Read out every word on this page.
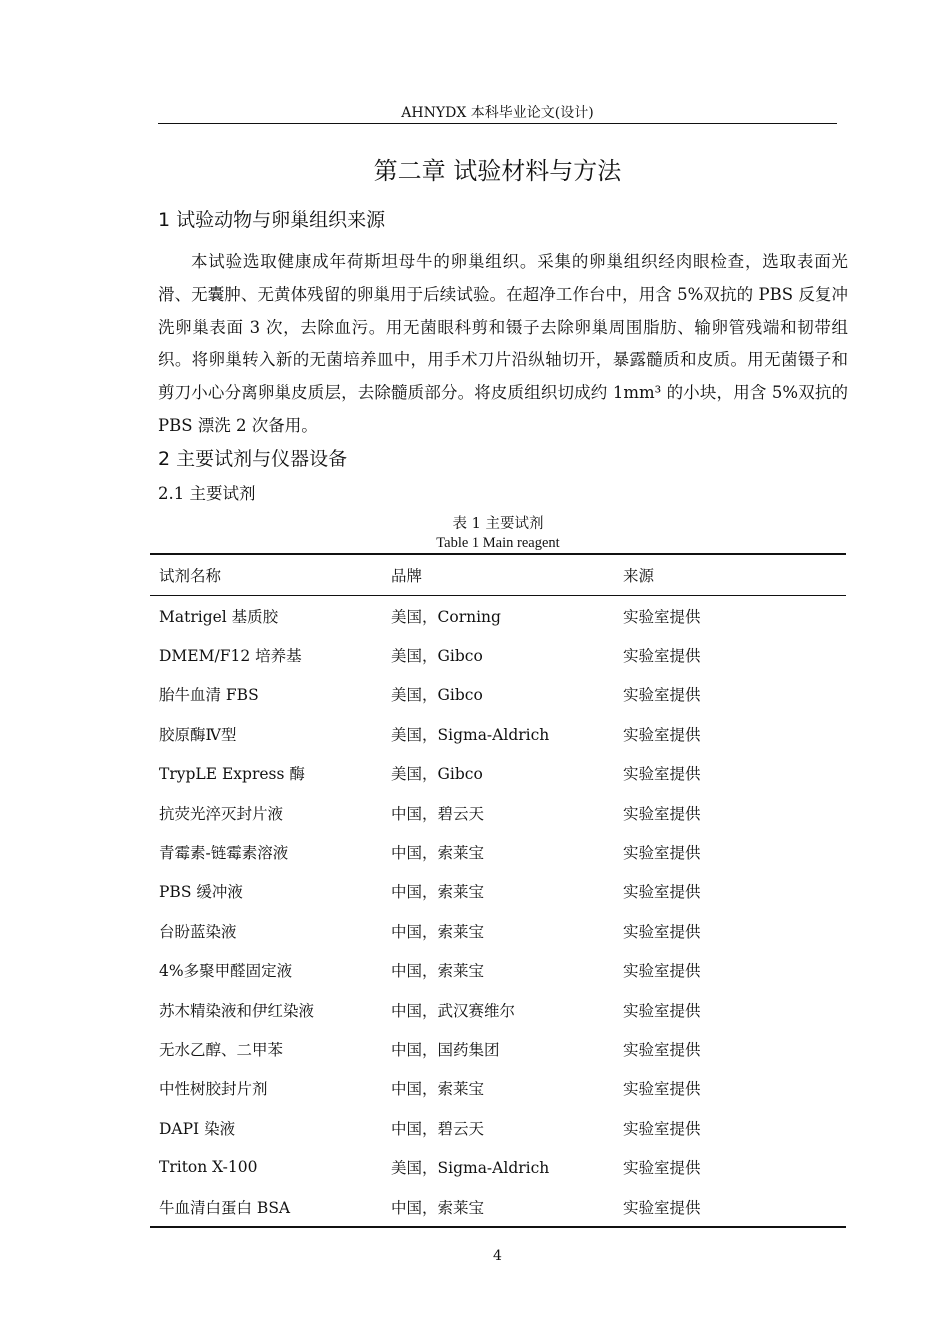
AHNYDX 本科毕业论文(设计)
第二章 试验材料与方法
1 试验动物与卵巢组织来源

本试验选取健康成年荷斯坦母牛的卵巢组织。采集的卵巢组织经肉眼检查，选取表面光滑、无囊肿、无黄体残留的卵巢用于后续试验。在超净工作台中，用含 5%双抗的 PBS 反复冲洗卵巢表面 3 次，去除血污。用无菌眼科剪和镊子去除卵巢周围脂肪、输卵管残端和韧带组织。将卵巢转入新的无菌培养皿中，用手术刀片沿纵轴切开，暴露髓质和皮质。用无菌镊子和剪刀小心分离卵巢皮质层，去除髓质部分。将皮质组织切成约 1mm³ 的小块，用含 5%双抗的 PBS 漂洗 2 次备用。

2 主要试剂与仪器设备
2.1 主要试剂
表 1 主要试剂
Table 1 Main reagent
试剂名称	品牌	来源
Matrigel 基质胶	美国，Corning	实验室提供
DMEM/F12 培养基	美国，Gibco	实验室提供
胎牛血清 FBS	美国，Gibco	实验室提供
胶原酶Ⅳ型	美国，Sigma-Aldrich	实验室提供
TrypLE Express 酶	美国，Gibco	实验室提供
抗荧光淬灭封片液	中国，碧云天	实验室提供
青霉素-链霉素溶液	中国，索莱宝	实验室提供
PBS 缓冲液	中国，索莱宝	实验室提供
台盼蓝染液	中国，索莱宝	实验室提供
4%多聚甲醛固定液	中国，索莱宝	实验室提供
苏木精染液和伊红染液	中国，武汉赛维尔	实验室提供
无水乙醇、二甲苯	中国，国药集团	实验室提供
中性树胶封片剂	中国，索莱宝	实验室提供
DAPI 染液	中国，碧云天	实验室提供
Triton X-100	美国，Sigma-Aldrich	实验室提供
牛血清白蛋白 BSA	中国，索莱宝	实验室提供
4
